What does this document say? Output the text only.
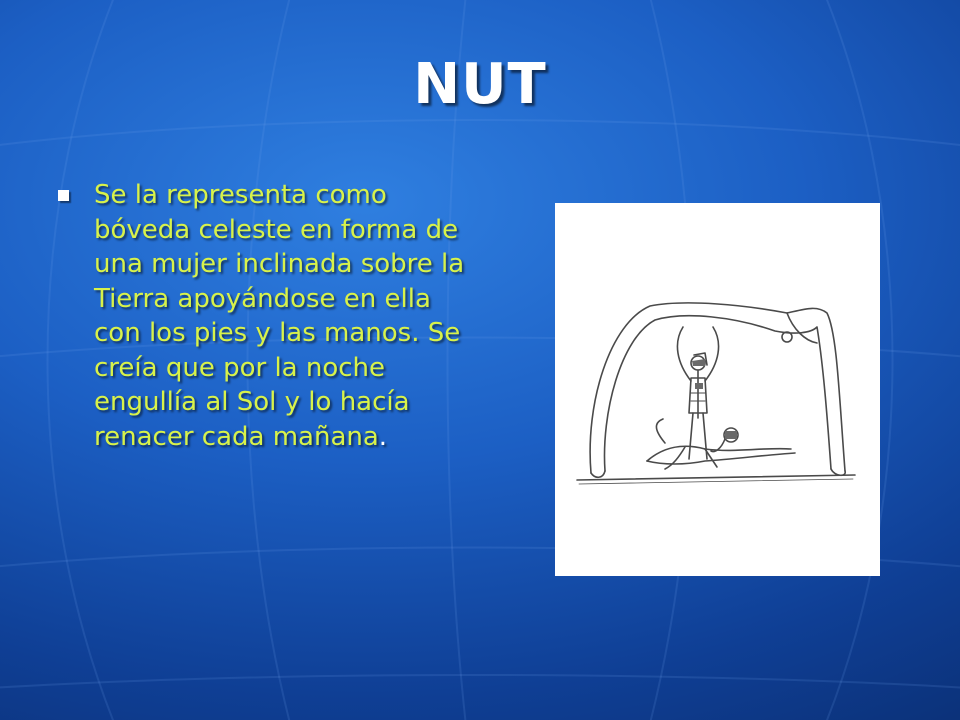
NUT

Se la representa como bóveda celeste en forma de una mujer inclinada sobre la Tierra apoyándose en ella con los pies y las manos. Se creía que por la noche engullía al Sol y lo hacía renacer cada mañana.
